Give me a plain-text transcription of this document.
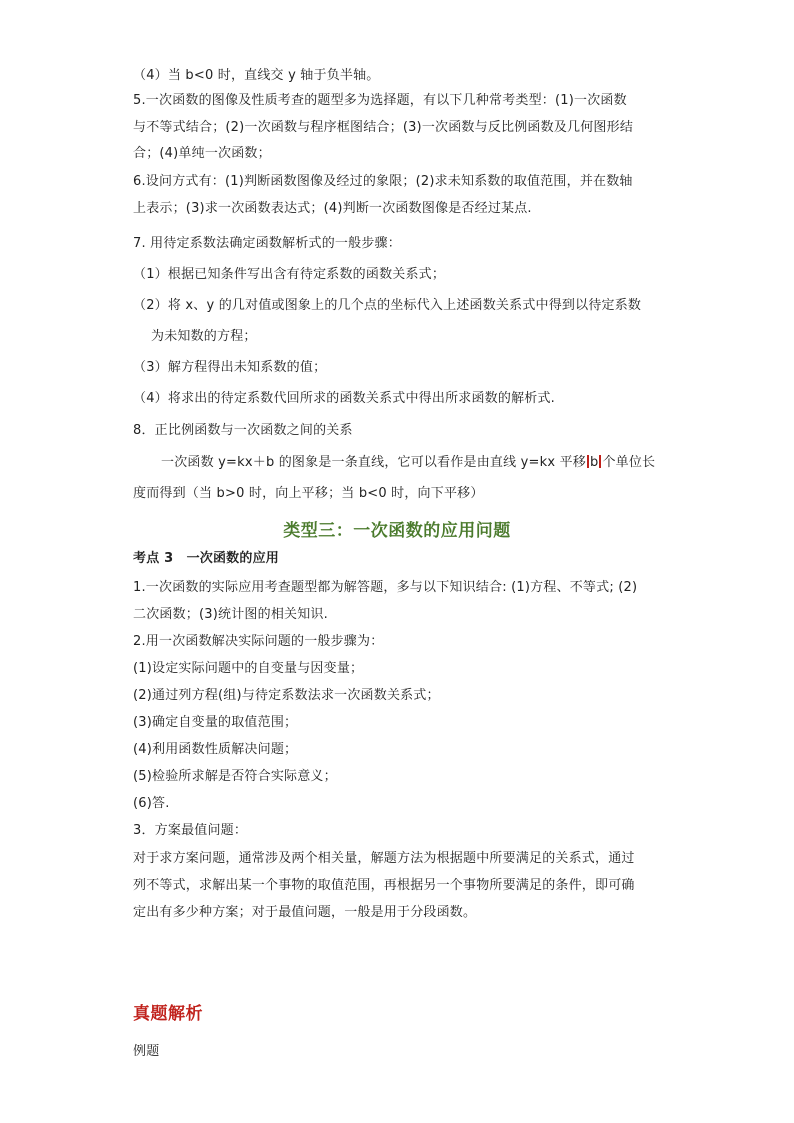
（4）当 b<0 时，直线交 y 轴于负半轴。
5.一次函数的图像及性质考查的题型多为选择题，有以下几种常考类型：(1)一次函数
与不等式结合；(2)一次函数与程序框图结合；(3)一次函数与反比例函数及几何图形结
合；(4)单纯一次函数；
6.设问方式有：(1)判断函数图像及经过的象限；(2)求未知系数的取值范围，并在数轴
上表示；(3)求一次函数表达式；(4)判断一次函数图像是否经过某点.
7. 用待定系数法确定函数解析式的一般步骤：
（1）根据已知条件写出含有待定系数的函数关系式；
（2）将 x、y 的几对值或图象上的几个点的坐标代入上述函数关系式中得到以待定系数
为未知数的方程；
（3）解方程得出未知系数的值；
（4）将求出的待定系数代回所求的函数关系式中得出所求函数的解析式.
8．正比例函数与一次函数之间的关系
一次函数 y=kx＋b 的图象是一条直线，它可以看作是由直线 y=kx 平移 b 个单位长
度而得到（当 b>0 时，向上平移；当 b<0 时，向下平移）
类型三：一次函数的应用问题
考点 3　一次函数的应用
1.一次函数的实际应用考查题型都为解答题，多与以下知识结合: (1)方程、不等式; (2)
二次函数；(3)统计图的相关知识.
2.用一次函数解决实际问题的一般步骤为：
(1)设定实际问题中的自变量与因变量；
(2)通过列方程(组)与待定系数法求一次函数关系式；
(3)确定自变量的取值范围；
(4)利用函数性质解决问题；
(5)检验所求解是否符合实际意义；
(6)答.
3．方案最值问题：
对于求方案问题，通常涉及两个相关量，解题方法为根据题中所要满足的关系式，通过
列不等式，求解出某一个事物的取值范围，再根据另一个事物所要满足的条件，即可确
定出有多少种方案；对于最值问题，一般是用于分段函数。
真题解析
例题
